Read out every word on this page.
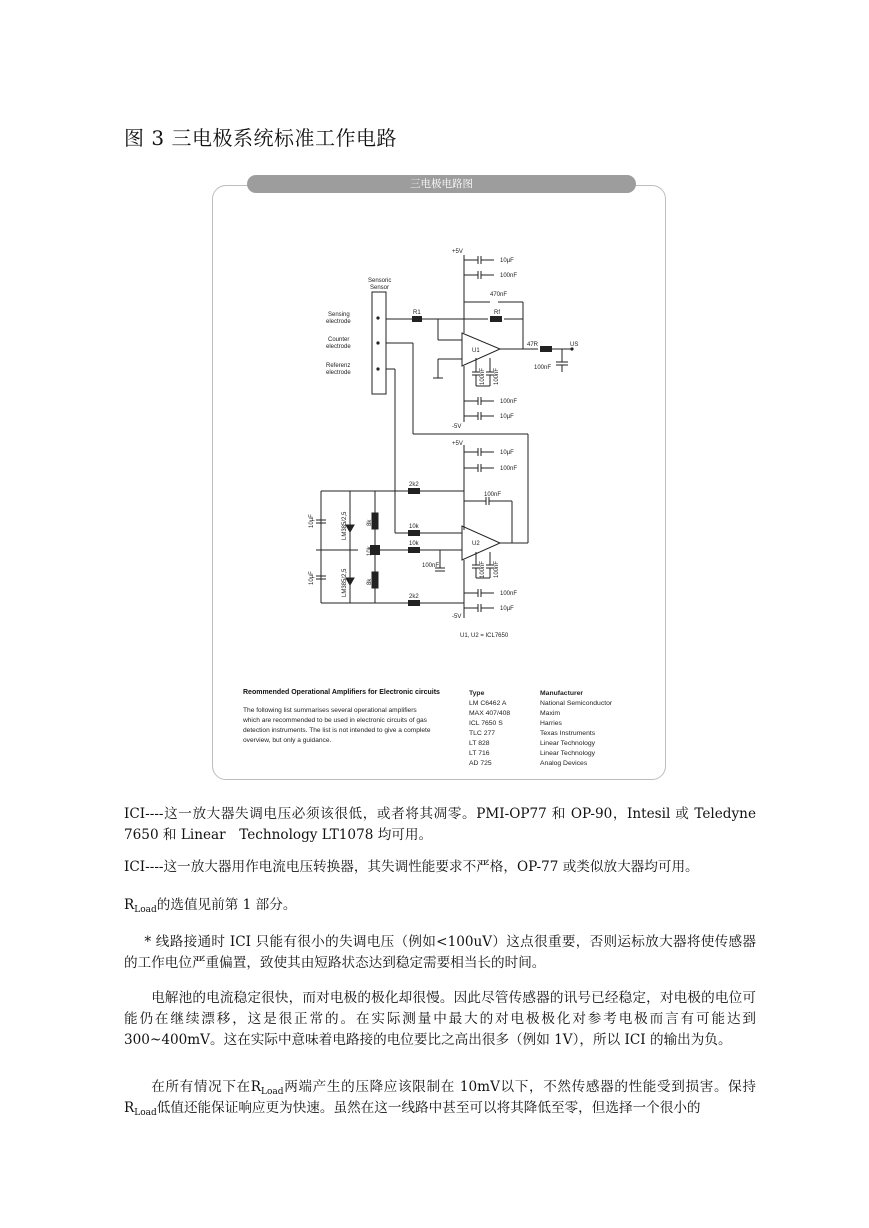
图 3 三电极系统标准工作电路
三电极电路图
Sensoric
Sensor
Sensing
electrode
Counter
electrode
Referenz
electrode
+5V
10µF
100nF
470nF
R1	Rf
47R	US
100nF
U1
100nF
10µF
-5V
+5V
10µF
100nF
100nF
2k2
10k
10k
2k2
U2
100nF
100nF
10µF
-5V
U1, U2 = ICL7650
10µF
10µF
LM385/2,5
LM385/2,5
8k
8k
10k
100nF 100nF
100nF 100nF
Reommended Operational Amplifiers for Electronic circuits
The following list summarises several operational amplifiers which are recommended to be used in electronic circuits of gas detection instruments. The list is not intended to give a complete overview, but only a guidance.
Type	Manufacturer
LM C6462 A	National Semiconductor
MAX 407/408	Maxim
ICL 7650 S	Harries
TLC 277	Texas Instruments
LT 828	Linear Technology
LT 716	Linear Technology
AD 725	Analog Devices
ICI----这一放大器失调电压必须该很低，或者将其凋零。PMI-OP77 和 OP-90，Intesil 或 Teledyne 7650 和 Linear　Technology LT1078 均可用。
ICI----这一放大器用作电流电压转换器，其失调性能要求不严格，OP-77 或类似放大器均可用。
$R_{Load}$的选值见前第 1 部分。
* 线路接通时 ICI 只能有很小的失调电压（例如<100uV）这点很重要，否则运标放大器将使传感器的工作电位严重偏置，致使其由短路状态达到稳定需要相当长的时间。
电解池的电流稳定很快，而对电极的极化却很慢。因此尽管传感器的讯号已经稳定，对电极的电位可能仍在继续漂移，这是很正常的。在实际测量中最大的对电极极化对参考电极而言有可能达到 300~400mV。这在实际中意味着电路接的电位要比之高出很多（例如 1V），所以 ICI 的输出为负。
在所有情况下在$R_{Load}$两端产生的压降应该限制在 10mV以下，不然传感器的性能受到损害。保持$R_{Load}$低值还能保证响应更为快速。虽然在这一线路中甚至可以将其降低至零，但选择一个很小的
